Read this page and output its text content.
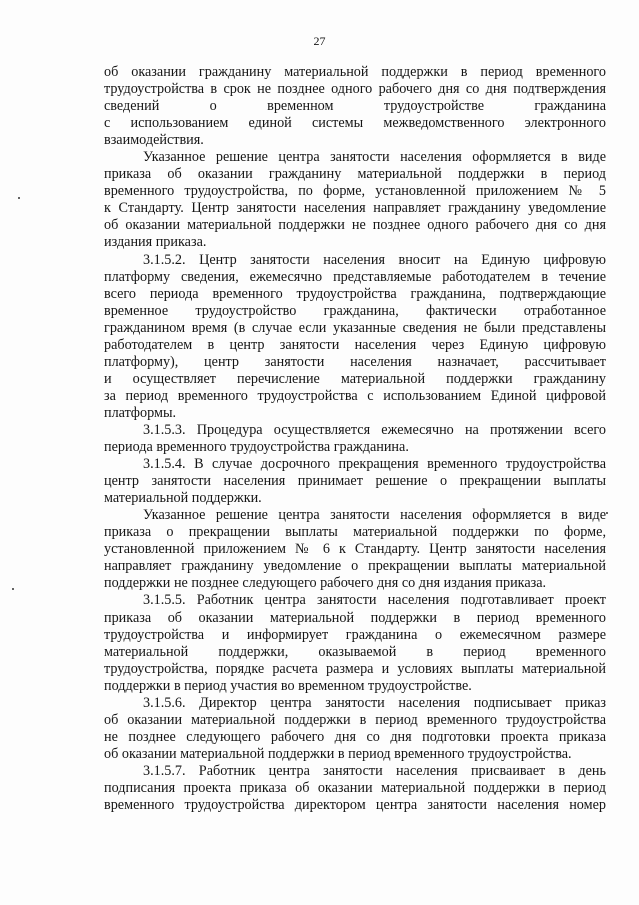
27

об оказании гражданину материальной поддержки в период временного
трудоустройства в срок не позднее одного рабочего дня со дня подтверждения
сведений о временном трудоустройстве гражданина
с использованием единой системы межведомственного электронного
взаимодействия.

Указанное решение центра занятости населения оформляется в виде
приказа об оказании гражданину материальной поддержки в период
временного трудоустройства, по форме, установленной приложением № 5
к Стандарту. Центр занятости населения направляет гражданину уведомление
об оказании материальной поддержки не позднее одного рабочего дня со дня
издания приказа.

3.1.5.2. Центр занятости населения вносит на Единую цифровую
платформу сведения, ежемесячно представляемые работодателем в течение
всего периода временного трудоустройства гражданина, подтверждающие
временное трудоустройство гражданина, фактически отработанное
гражданином время (в случае если указанные сведения не были представлены
работодателем в центр занятости населения через Единую цифровую
платформу), центр занятости населения назначает, рассчитывает
и осуществляет перечисление материальной поддержки гражданину
за период временного трудоустройства с использованием Единой цифровой
платформы.

3.1.5.3. Процедура осуществляется ежемесячно на протяжении всего
периода временного трудоустройства гражданина.

3.1.5.4. В случае досрочного прекращения временного трудоустройства
центр занятости населения принимает решение о прекращении выплаты
материальной поддержки.

Указанное решение центра занятости населения оформляется в виде
приказа о прекращении выплаты материальной поддержки по форме,
установленной приложением № 6 к Стандарту. Центр занятости населения
направляет гражданину уведомление о прекращении выплаты материальной
поддержки не позднее следующего рабочего дня со дня издания приказа.

3.1.5.5. Работник центра занятости населения подготавливает проект
приказа об оказании материальной поддержки в период временного
трудоустройства и информирует гражданина о ежемесячном размере
материальной поддержки, оказываемой в период временного
трудоустройства, порядке расчета размера и условиях выплаты материальной
поддержки в период участия во временном трудоустройстве.

3.1.5.6. Директор центра занятости населения подписывает приказ
об оказании материальной поддержки в период временного трудоустройства
не позднее следующего рабочего дня со дня подготовки проекта приказа
об оказании материальной поддержки в период временного трудоустройства.

3.1.5.7. Работник центра занятости населения присваивает в день
подписания проекта приказа об оказании материальной поддержки в период
временного трудоустройства директором центра занятости населения номер
